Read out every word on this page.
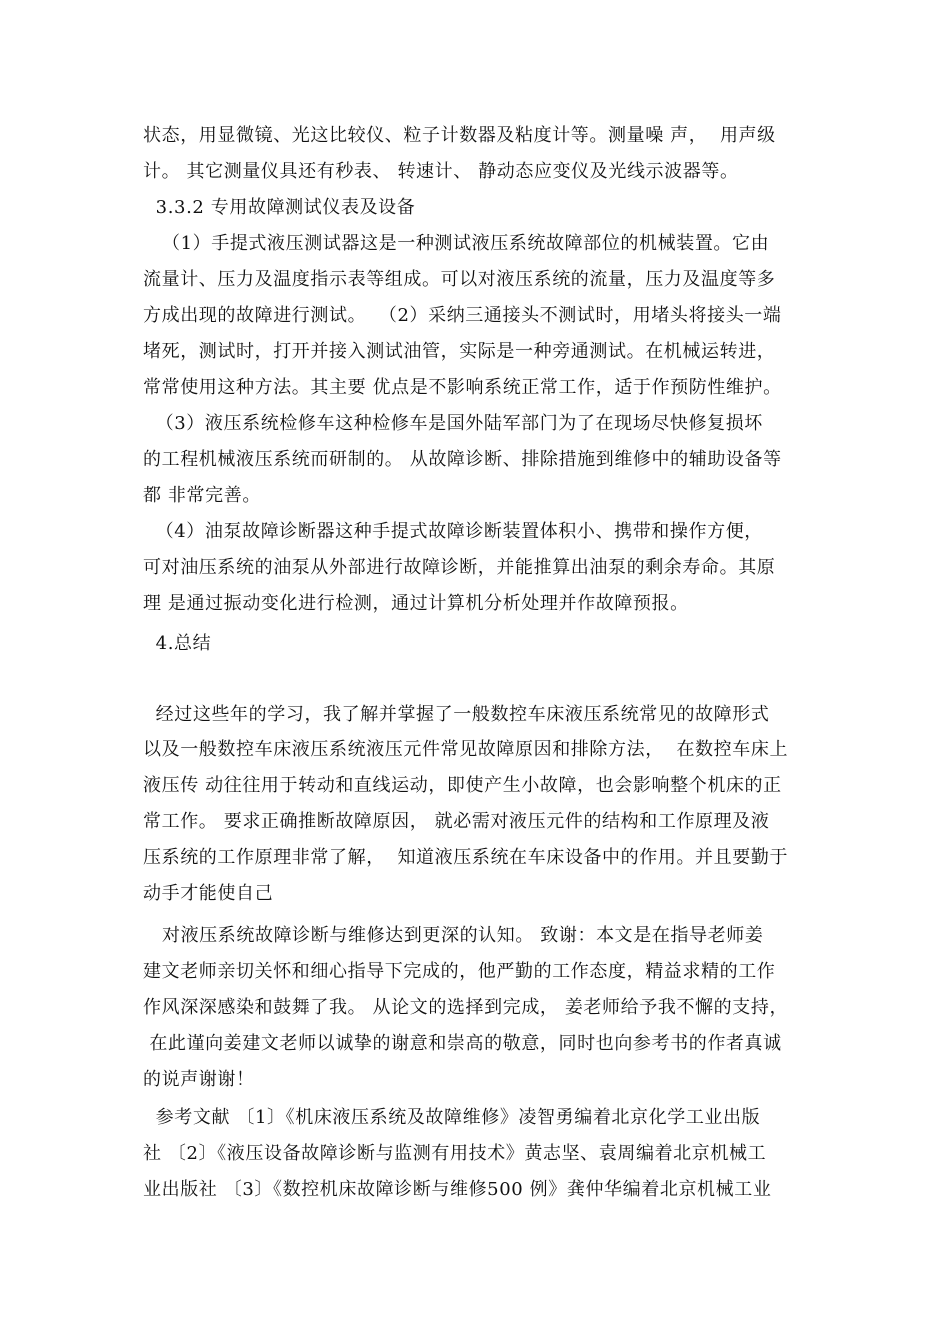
状态，用显微镜、光这比较仪、粒子计数器及粘度计等。测量噪 声，  用声级
计。 其它测量仪具还有秒表、 转速计、 静动态应变仪及光线示波器等。
3.3.2 专用故障测试仪表及设备
（1）手提式液压测试器这是一种测试液压系统故障部位的机械装置。它由
流量计、压力及温度指示表等组成。可以对液压系统的流量，压力及温度等多
方成出现的故障进行测试。  （2）采纳三通接头不测试时，用堵头将接头一端
堵死，测试时，打开并接入测试油管，实际是一种旁通测试。在机械运转进，
常常使用这种方法。其主要 优点是不影响系统正常工作，适于作预防性维护。
（3）液压系统检修车这种检修车是国外陆军部门为了在现场尽快修复损坏
的工程机械液压系统而研制的。 从故障诊断、排除措施到维修中的辅助设备等
都 非常完善。
（4）油泵故障诊断器这种手提式故障诊断装置体积小、携带和操作方便，
可对油压系统的油泵从外部进行故障诊断，并能推算出油泵的剩余寿命。其原
理 是通过振动变化进行检测，通过计算机分析处理并作故障预报。
4.总结
经过这些年的学习，我了解并掌握了一般数控车床液压系统常见的故障形式
以及一般数控车床液压系统液压元件常见故障原因和排除方法，  在数控车床上
液压传 动往往用于转动和直线运动，即使产生小故障，也会影响整个机床的正
常工作。 要求正确推断故障原因， 就必需对液压元件的结构和工作原理及液
压系统的工作原理非常了解，  知道液压系统在车床设备中的作用。并且要勤于
动手才能使自己
对液压系统故障诊断与维修达到更深的认知。 致谢：本文是在指导老师姜
建文老师亲切关怀和细心指导下完成的，他严勤的工作态度，精益求精的工作
作风深深感染和鼓舞了我。 从论文的选择到完成， 姜老师给予我不懈的支持，
在此谨向姜建文老师以诚挚的谢意和崇高的敬意，同时也向参考书的作者真诚
的说声谢谢！
参考文献 〔1〕《机床液压系统及故障维修》凌智勇编着北京化学工业出版
社 〔2〕《液压设备故障诊断与监测有用技术》黄志坚、袁周编着北京机械工
业出版社 〔3〕《数控机床故障诊断与维修500 例》龚仲华编着北京机械工业
